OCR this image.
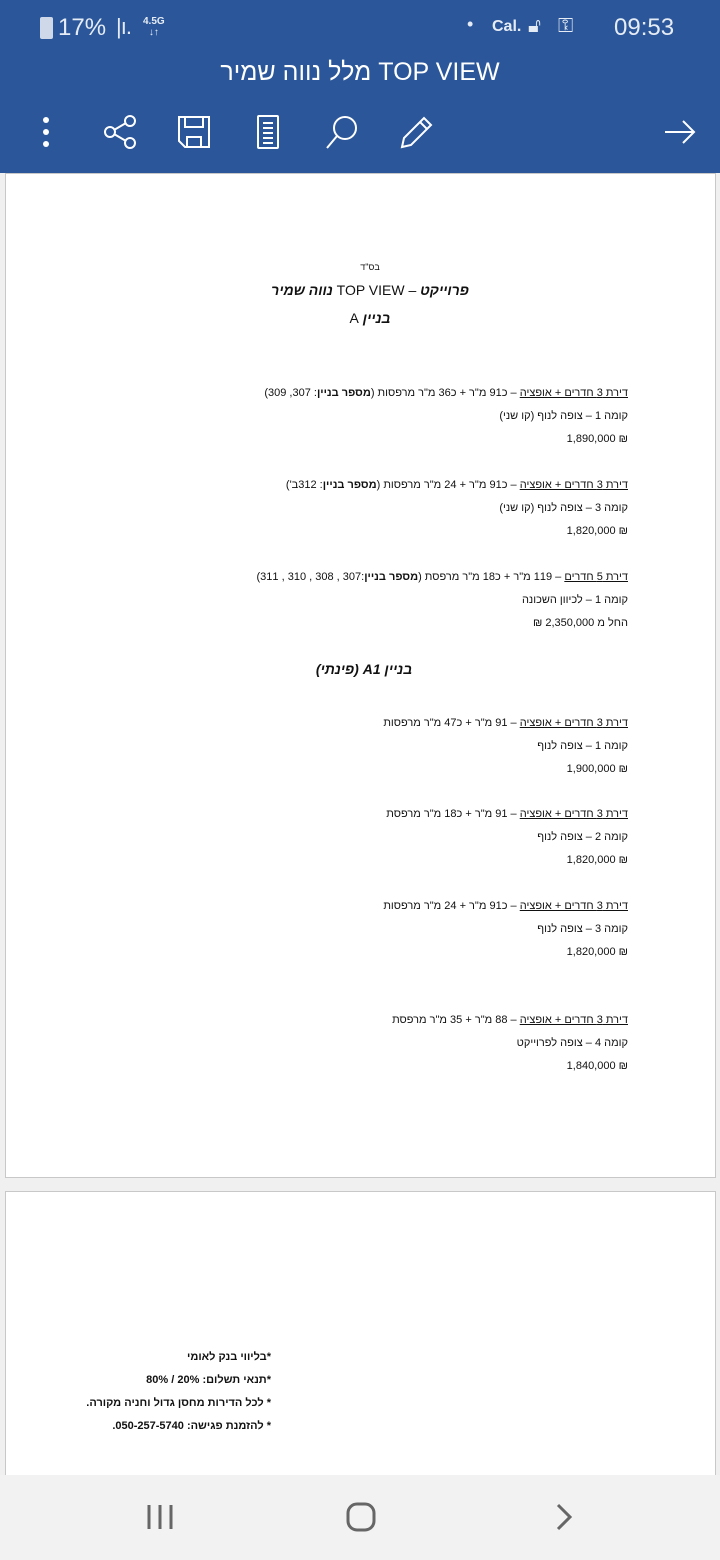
17% |ı. 4.5G
↓↑	• Cal. 🔓︎ ⚿ 09:53
מלל נווה שמיר TOP VIEW
בס"ד
פרוייקט – TOP VIEW נווה שמיר
בניין A
בניין A1 (פינתי)
דירת 3 חדרים + אופציה – כ91 מ"ר + כ36 מ"ר מרפסות (מספר בניין: 307, 309)
קומה 1 – צופה לנוף (קו שני)
₪ 1,890,000
דירת 3 חדרים + אופציה – כ91 מ"ר + 24 מ"ר מרפסות (מספר בניין: 312ב')
קומה 3 – צופה לנוף (קו שני)
₪ 1,820,000
דירת 5 חדרים – 119 מ"ר + כ18 מ"ר מרפסת (מספר בניין:307 , 308 , 310 , 311)
קומה 1 – לכיוון השכונה
החל מ 2,350,000 ₪
דירת 3 חדרים + אופציה – 91 מ"ר + כ47 מ"ר מרפסות
קומה 1 – צופה לנוף
₪ 1,900,000
דירת 3 חדרים + אופציה – 91 מ"ר + כ18 מ"ר מרפסת
קומה 2 – צופה לנוף
₪ 1,820,000
דירת 3 חדרים + אופציה – כ91 מ"ר + 24 מ"ר מרפסות
קומה 3 – צופה לנוף
₪ 1,820,000
דירת 3 חדרים + אופציה – 88 מ"ר + 35 מ"ר מרפסת
קומה 4 – צופה לפרוייקט
₪ 1,840,000
*בליווי בנק לאומי
*תנאי תשלום: 20% / 80%
* לכל הדירות מחסן גדול וחניה מקורה.
* להזמנת פגישה: 050-257-5740.
